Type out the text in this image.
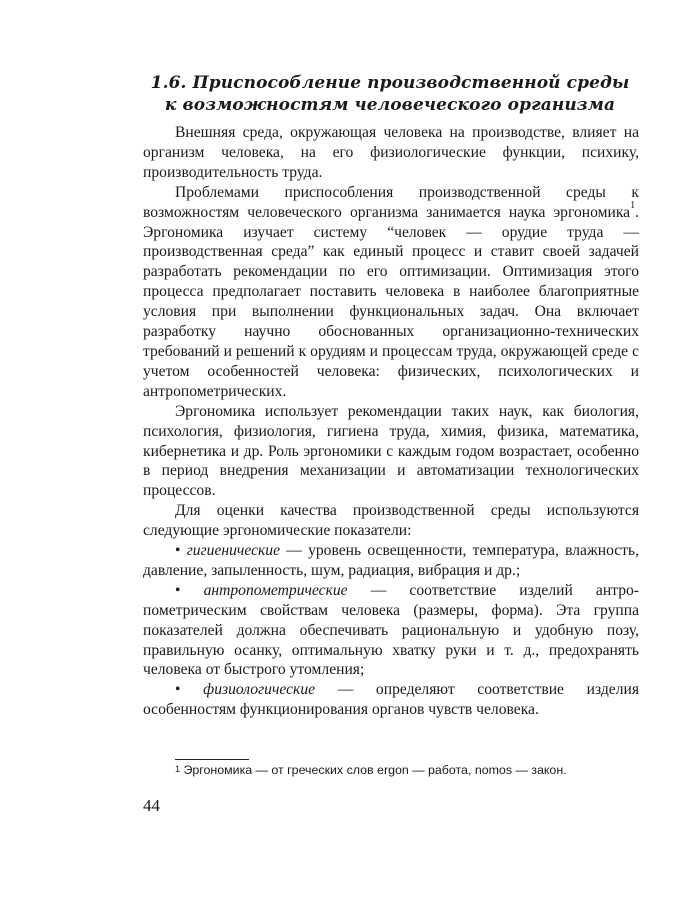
1.6. Приспособление производственной среды
к возможностям человеческого организма

Внешняя среда, окружающая человека на производстве, влияет на организм человека, на его физиологические функции, психику, производительность труда.

Проблемами приспособления производственной среды к возможностям человеческого организма занимается наука эргономика$^1$. Эргономика изучает систему “человек — орудие труда — производственная среда” как единый процесс и ставит своей задачей разработать рекомендации по его оптимизации. Оптимизация этого процесса предполагает поставить человека в наиболее благоприятные условия при выполнении функциональных задач. Она включает разработку научно обоснованных организационно-технических требований и решений к орудиям и процессам труда, окружающей среде с учетом особенностей человека: физических, психологических и антропометрических.

Эргономика использует рекомендации таких наук, как биология, психология, физиология, гигиена труда, химия, физика, математика, кибернетика и др. Роль эргономики с каждым годом возрастает, особенно в период внедрения механизации и автоматизации технологических процессов.

Для оценки качества производственной среды используются следующие эргономические показатели:

• гигиенические — уровень освещенности, температура, влажность, давление, запыленность, шум, радиация, вибрация и др.;

• антропометрические — соответствие изделий антропометрическим свойствам человека (размеры, форма). Эта группа показателей должна обеспечивать рациональную и удобную позу, правильную осанку, оптимальную хватку руки и т. д., предохранять человека от быстрого утомления;

• физиологические — определяют соответствие изделия особенностям функционирования органов чувств человека.

$^1$ Эргономика — от греческих слов ergon — работа, nomos — закон.
44
